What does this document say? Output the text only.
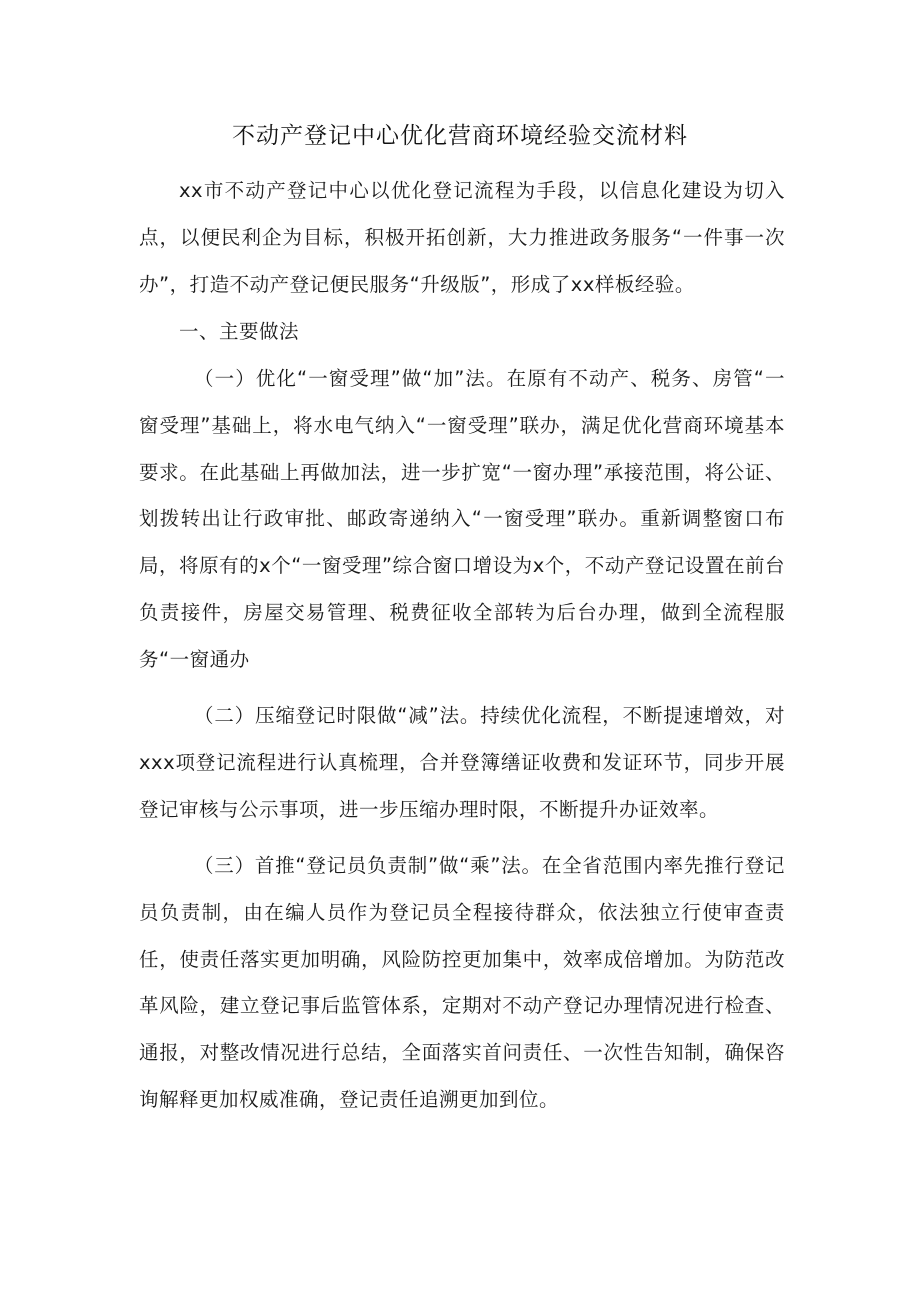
不动产登记中心优化营商环境经验交流材料
xx市不动产登记中心以优化登记流程为手段，以信息化建设为切入点，以便民利企为目标，积极开拓创新，大力推进政务服务“一件事一次办”，打造不动产登记便民服务“升级版”，形成了xx样板经验。
一、主要做法
（一）优化“一窗受理”做“加”法。在原有不动产、税务、房管“一窗受理”基础上，将水电气纳入“一窗受理”联办，满足优化营商环境基本要求。在此基础上再做加法，进一步扩宽“一窗办理”承接范围，将公证、划拨转出让行政审批、邮政寄递纳入“一窗受理”联办。重新调整窗口布局，将原有的x个“一窗受理”综合窗口增设为x个，不动产登记设置在前台负责接件，房屋交易管理、税费征收全部转为后台办理，做到全流程服务“一窗通办
（二）压缩登记时限做“减”法。持续优化流程，不断提速增效，对xxx项登记流程进行认真梳理，合并登簿缮证收费和发证环节，同步开展登记审核与公示事项，进一步压缩办理时限，不断提升办证效率。
（三）首推“登记员负责制”做“乘”法。在全省范围内率先推行登记员负责制，由在编人员作为登记员全程接待群众，依法独立行使审查责任，使责任落实更加明确，风险防控更加集中，效率成倍增加。为防范改革风险，建立登记事后监管体系，定期对不动产登记办理情况进行检查、通报，对整改情况进行总结，全面落实首问责任、一次性告知制，确保咨询解释更加权威准确，登记责任追溯更加到位。
